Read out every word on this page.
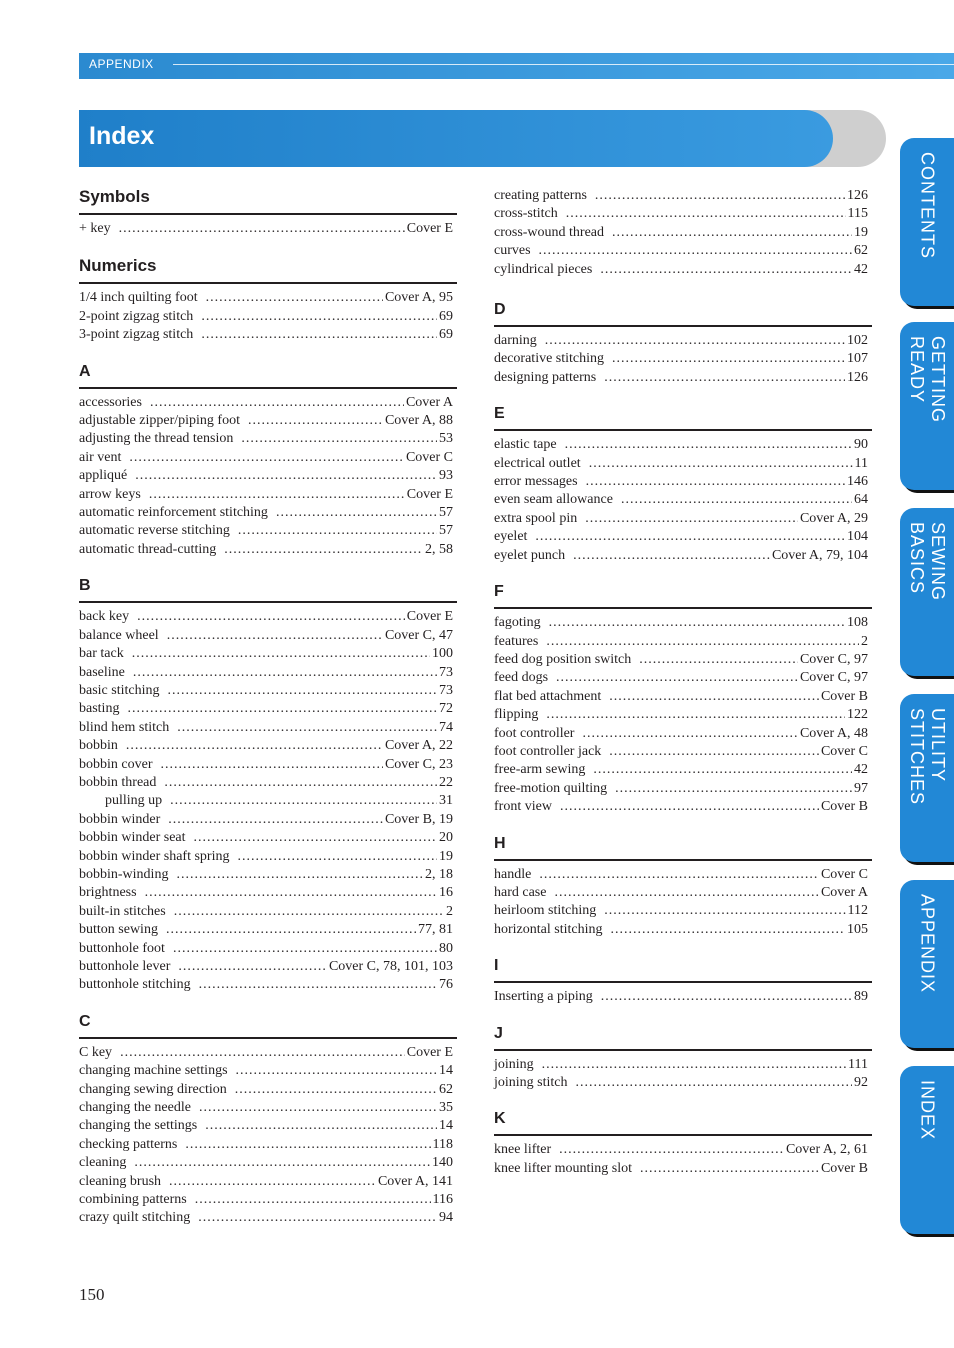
APPENDIX
Index
Symbols
+ key .....	Cover E
Numerics
1/4 inch quilting foot .....	Cover A, 95
2-point zigzag stitch .....	69
3-point zigzag stitch .....	69
A
accessories .....	Cover A
adjustable zipper/piping foot .....	Cover A, 88
adjusting the thread tension .....	53
air vent .....	Cover C
appliqué .....	93
arrow keys .....	Cover E
automatic reinforcement stitching .....	57
automatic reverse stitching .....	57
automatic thread-cutting .....	2, 58
B
back key .....	Cover E
balance wheel .....	Cover C, 47
bar tack .....	100
baseline .....	73
basic stitching .....	73
basting .....	72
blind hem stitch .....	74
bobbin .....	Cover A, 22
bobbin cover .....	Cover C, 23
bobbin thread .....	22
pulling up .....	31
bobbin winder .....	Cover B, 19
bobbin winder seat .....	20
bobbin winder shaft spring .....	19
bobbin-winding .....	2, 18
brightness .....	16
built-in stitches .....	2
button sewing .....	77, 81
buttonhole foot .....	80
buttonhole lever .....	Cover C, 78, 101, 103
buttonhole stitching .....	76
C
C key .....	Cover E
changing machine settings .....	14
changing sewing direction .....	62
changing the needle .....	35
changing the settings .....	14
checking patterns .....	118
cleaning .....	140
cleaning brush .....	Cover A, 141
combining patterns .....	116
crazy quilt stitching .....	94
creating patterns .....	126
cross-stitch .....	115
cross-wound thread .....	19
curves .....	62
cylindrical pieces .....	42
D
darning .....	102
decorative stitching .....	107
designing patterns .....	126
E
elastic tape .....	90
electrical outlet .....	11
error messages .....	146
even seam allowance .....	64
extra spool pin .....	Cover A, 29
eyelet .....	104
eyelet punch .....	Cover A, 79, 104
F
fagoting .....	108
features .....	2
feed dog position switch .....	Cover C, 97
feed dogs .....	Cover C, 97
flat bed attachment .....	Cover B
flipping .....	122
foot controller .....	Cover A, 48
foot controller jack .....	Cover C
free-arm sewing .....	42
free-motion quilting .....	97
front view .....	Cover B
H
handle .....	Cover C
hard case .....	Cover A
heirloom stitching .....	112
horizontal stitching .....	105
I
Inserting a piping .....	89
J
joining .....	111
joining stitch .....	92
K
knee lifter .....	Cover A, 2, 61
knee lifter mounting slot .....	Cover B
CONTENTS
GETTING READY
SEWING BASICS
UTILITY STITCHES
APPENDIX
INDEX
150
